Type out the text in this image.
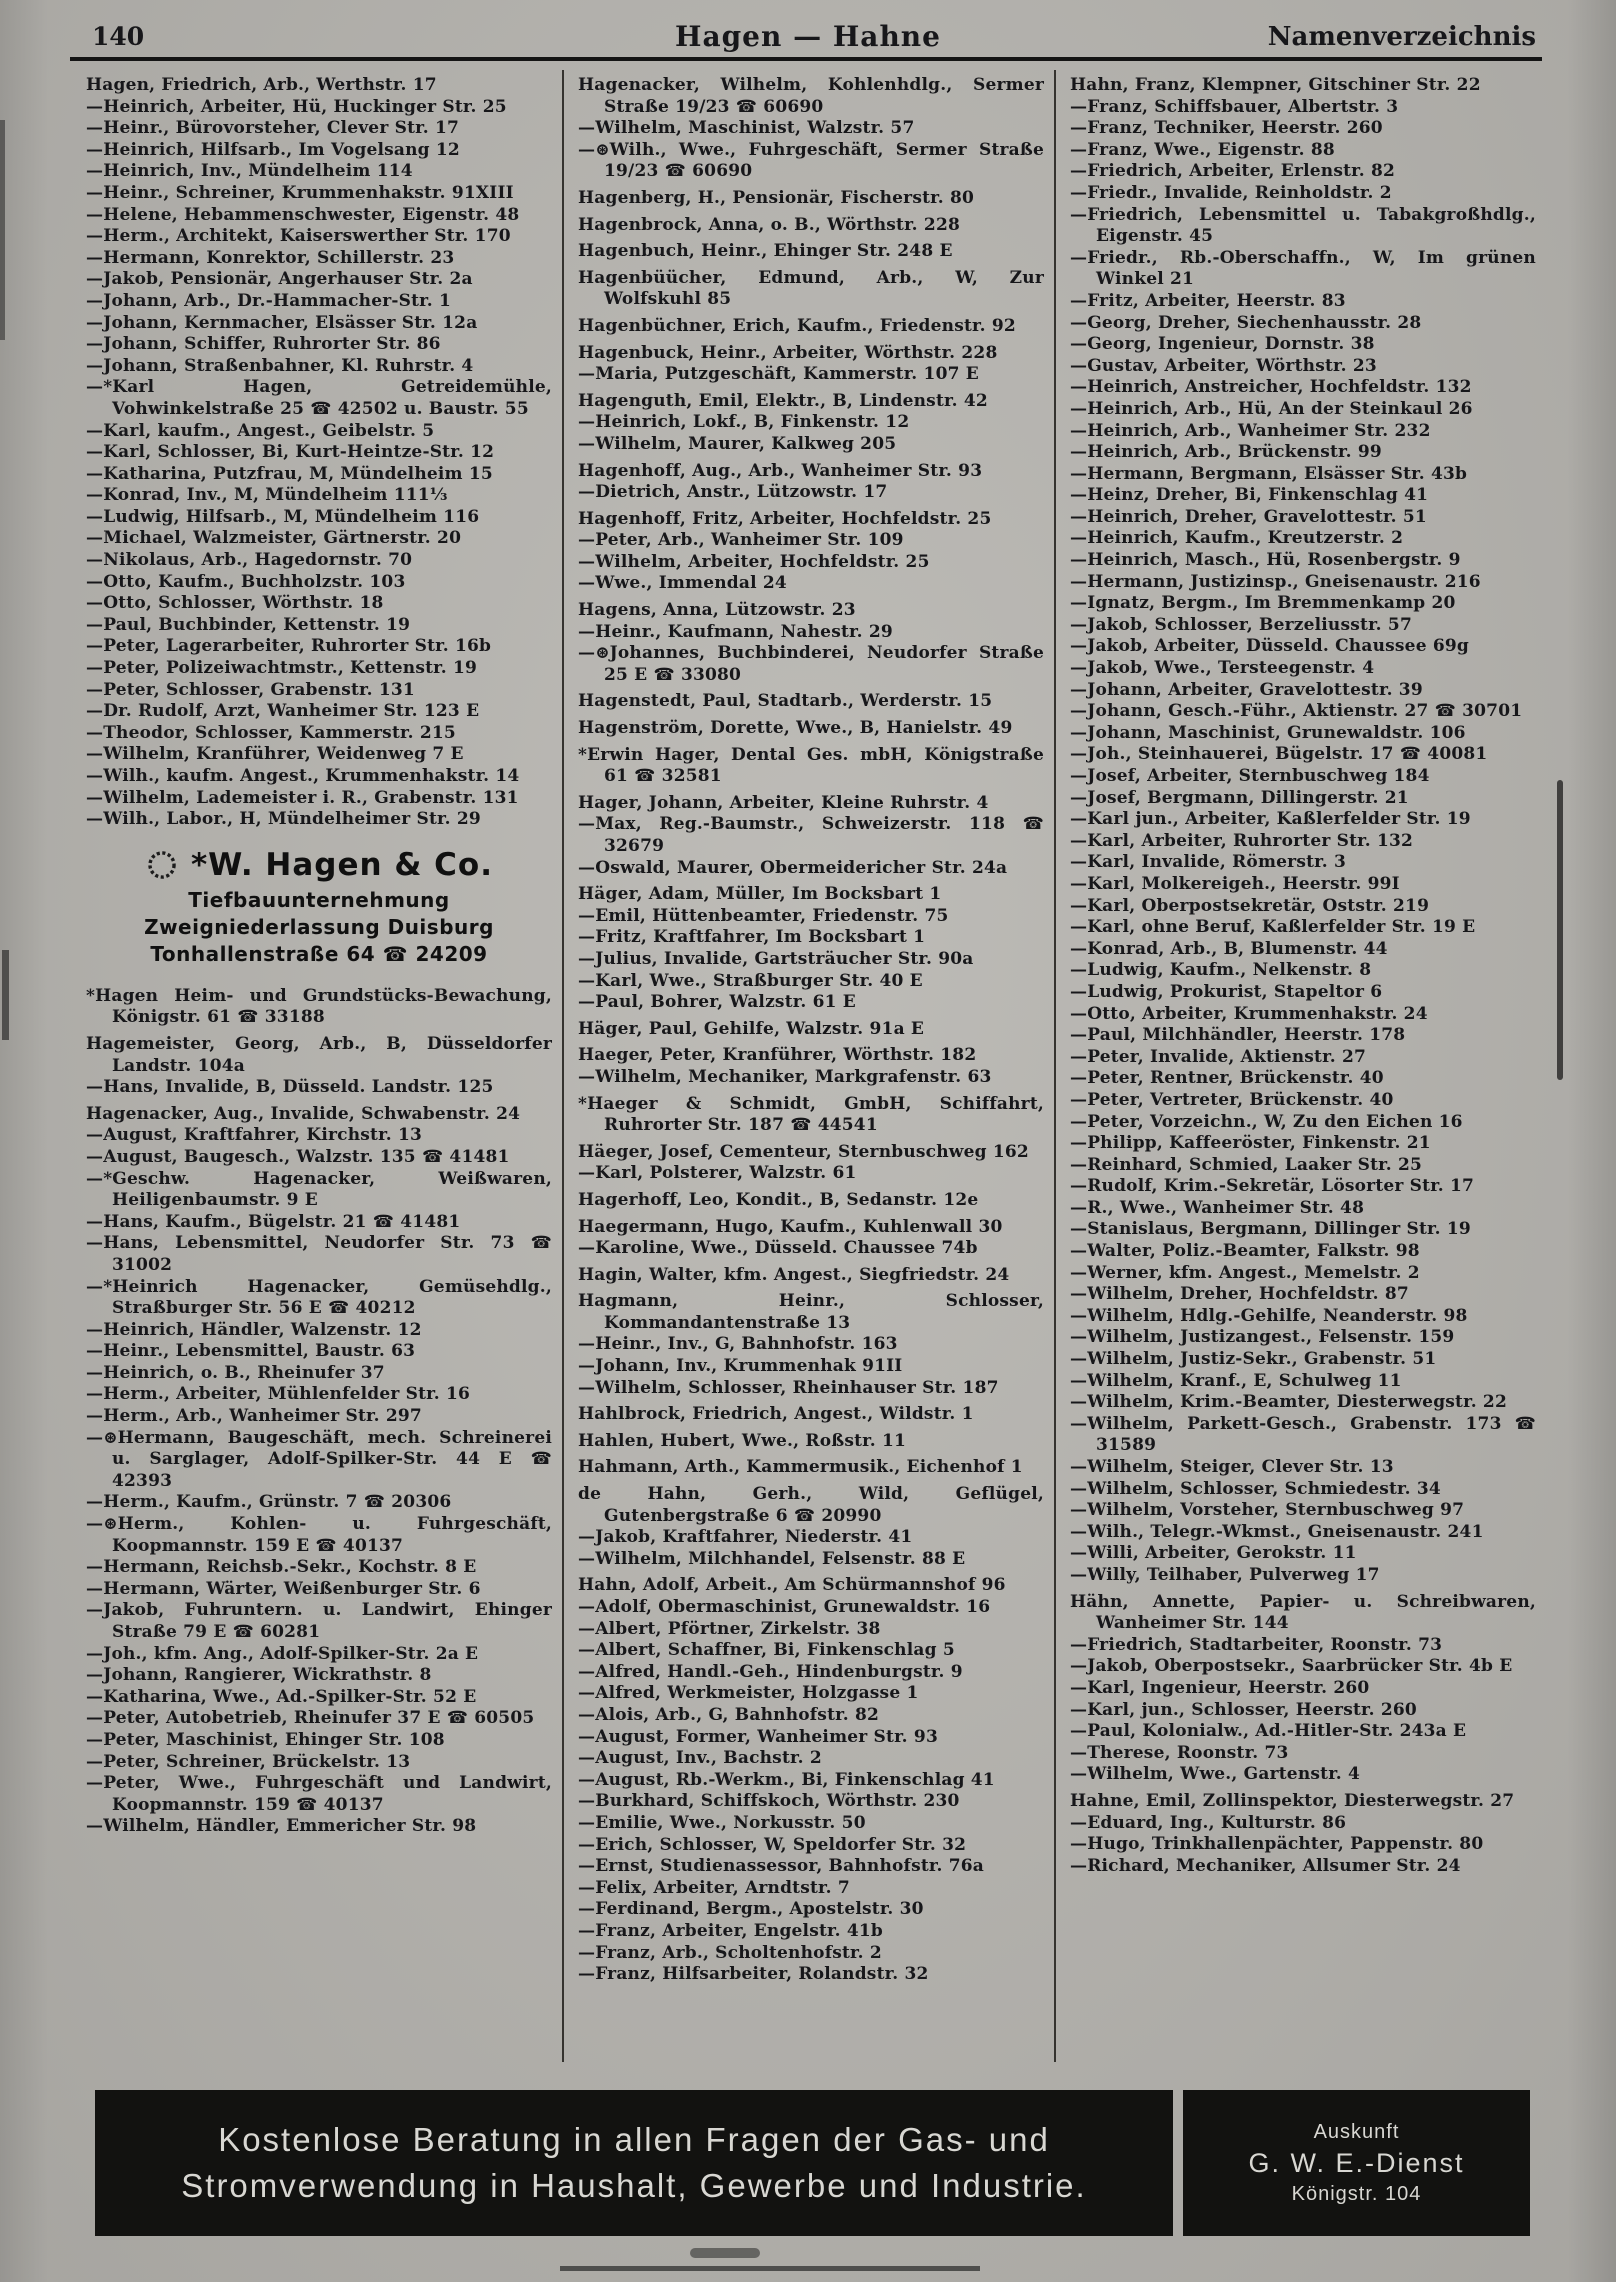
140	Hagen — Hahne	Namenverzeichnis
Hagen, Friedrich, Arb., Werthstr. 17
—Heinrich, Arbeiter, Hü, Huckinger Str. 25
—Heinr., Bürovorsteher, Clever Str. 17
—Heinrich, Hilfsarb., Im Vogelsang 12
—Heinrich, Inv., Mündelheim 114
—Heinr., Schreiner, Krummenhakstr. 91XIII
—Helene, Hebammenschwester, Eigenstr. 48
—Herm., Architekt, Kaiserswerther Str. 170
—Hermann, Konrektor, Schillerstr. 23
—Jakob, Pensionär, Angerhauser Str. 2a
—Johann, Arb., Dr.-Hammacher-Str. 1
—Johann, Kernmacher, Elsässer Str. 12a
—Johann, Schiffer, Ruhrorter Str. 86
—Johann, Straßenbahner, Kl. Ruhrstr. 4
—*Karl Hagen, Getreidemühle, Vohwinkelstraße 25 ☎ 42502 u. Baustr. 55
—Karl, kaufm., Angest., Geibelstr. 5
—Karl, Schlosser, Bi, Kurt-Heintze-Str. 12
—Katharina, Putzfrau, M, Mündelheim 15
—Konrad, Inv., M, Mündelheim 111⅓
—Ludwig, Hilfsarb., M, Mündelheim 116
—Michael, Walzmeister, Gärtnerstr. 20
—Nikolaus, Arb., Hagedornstr. 70
—Otto, Kaufm., Buchholzstr. 103
—Otto, Schlosser, Wörthstr. 18
—Paul, Buchbinder, Kettenstr. 19
—Peter, Lagerarbeiter, Ruhrorter Str. 16b
—Peter, Polizeiwachtmstr., Kettenstr. 19
—Peter, Schlosser, Grabenstr. 131
—Dr. Rudolf, Arzt, Wanheimer Str. 123 E
—Theodor, Schlosser, Kammerstr. 215
—Wilhelm, Kranführer, Weidenweg 7 E
—Wilh., kaufm. Angest., Krummenhakstr. 14
—Wilhelm, Lademeister i. R., Grabenstr. 131
—Wilh., Labor., H, Mündelheimer Str. 29
*W. Hagen & Co.
Tiefbauunternehmung
Zweigniederlassung Duisburg
Tonhallenstraße 64 ☎ 24209
*Hagen Heim- und Grundstücks-Bewachung, Königstr. 61 ☎ 33188
Hagemeister, Georg, Arb., B, Düsseldorfer Landstr. 104a
—Hans, Invalide, B, Düsseld. Landstr. 125
Hagenacker, Aug., Invalide, Schwabenstr. 24
—August, Kraftfahrer, Kirchstr. 13
—August, Baugesch., Walzstr. 135 ☎ 41481
—*Geschw. Hagenacker, Weißwaren, Heiligenbaumstr. 9 E
—Hans, Kaufm., Bügelstr. 21 ☎ 41481
—Hans, Lebensmittel, Neudorfer Str. 73 ☎ 31002
—*Heinrich Hagenacker, Gemüsehdlg., Straßburger Str. 56 E ☎ 40212
—Heinrich, Händler, Walzenstr. 12
—Heinr., Lebensmittel, Baustr. 63
—Heinrich, o. B., Rheinufer 37
—Herm., Arbeiter, Mühlenfelder Str. 16
—Herm., Arb., Wanheimer Str. 297
—⊛Hermann, Baugeschäft, mech. Schreinerei u. Sarglager, Adolf-Spilker-Str. 44 E ☎ 42393
—Herm., Kaufm., Grünstr. 7 ☎ 20306
—⊛Herm., Kohlen- u. Fuhrgeschäft, Koopmannstr. 159 E ☎ 40137
—Hermann, Reichsb.-Sekr., Kochstr. 8 E
—Hermann, Wärter, Weißenburger Str. 6
—Jakob, Fuhruntern. u. Landwirt, Ehinger Straße 79 E ☎ 60281
—Joh., kfm. Ang., Adolf-Spilker-Str. 2a E
—Johann, Rangierer, Wickrathstr. 8
—Katharina, Wwe., Ad.-Spilker-Str. 52 E
—Peter, Autobetrieb, Rheinufer 37 E ☎ 60505
—Peter, Maschinist, Ehinger Str. 108
—Peter, Schreiner, Brückelstr. 13
—Peter, Wwe., Fuhrgeschäft und Landwirt, Koopmannstr. 159 ☎ 40137
—Wilhelm, Händler, Emmericher Str. 98
Hagenacker, Wilhelm, Kohlenhdlg., Sermer Straße 19/23 ☎ 60690
—Wilhelm, Maschinist, Walzstr. 57
—⊛Wilh., Wwe., Fuhrgeschäft, Sermer Straße 19/23 ☎ 60690
Hagenberg, H., Pensionär, Fischerstr. 80
Hagenbrock, Anna, o. B., Wörthstr. 228
Hagenbuch, Heinr., Ehinger Str. 248 E
Hagenbüücher, Edmund, Arb., W, Zur Wolfskuhl 85
Hagenbüchner, Erich, Kaufm., Friedenstr. 92
Hagenbuck, Heinr., Arbeiter, Wörthstr. 228
—Maria, Putzgeschäft, Kammerstr. 107 E
Hagenguth, Emil, Elektr., B, Lindenstr. 42
—Heinrich, Lokf., B, Finkenstr. 12
—Wilhelm, Maurer, Kalkweg 205
Hagenhoff, Aug., Arb., Wanheimer Str. 93
—Dietrich, Anstr., Lützowstr. 17
Hagenhoff, Fritz, Arbeiter, Hochfeldstr. 25
—Peter, Arb., Wanheimer Str. 109
—Wilhelm, Arbeiter, Hochfeldstr. 25
—Wwe., Immendal 24
Hagens, Anna, Lützowstr. 23
—Heinr., Kaufmann, Nahestr. 29
—⊛Johannes, Buchbinderei, Neudorfer Straße 25 E ☎ 33080
Hagenstedt, Paul, Stadtarb., Werderstr. 15
Hagenström, Dorette, Wwe., B, Hanielstr. 49
*Erwin Hager, Dental Ges. mbH, Königstraße 61 ☎ 32581
Hager, Johann, Arbeiter, Kleine Ruhrstr. 4
—Max, Reg.-Baumstr., Schweizerstr. 118 ☎ 32679
—Oswald, Maurer, Obermeidericher Str. 24a
Häger, Adam, Müller, Im Bocksbart 1
—Emil, Hüttenbeamter, Friedenstr. 75
—Fritz, Kraftfahrer, Im Bocksbart 1
—Julius, Invalide, Gartsträucher Str. 90a
—Karl, Wwe., Straßburger Str. 40 E
—Paul, Bohrer, Walzstr. 61 E
Häger, Paul, Gehilfe, Walzstr. 91a E
Haeger, Peter, Kranführer, Wörthstr. 182
—Wilhelm, Mechaniker, Markgrafenstr. 63
*Haeger & Schmidt, GmbH, Schiffahrt, Ruhrorter Str. 187 ☎ 44541
Häeger, Josef, Cementeur, Sternbuschweg 162
—Karl, Polsterer, Walzstr. 61
Hagerhoff, Leo, Kondit., B, Sedanstr. 12e
Haegermann, Hugo, Kaufm., Kuhlenwall 30
—Karoline, Wwe., Düsseld. Chaussee 74b
Hagin, Walter, kfm. Angest., Siegfriedstr. 24
Hagmann, Heinr., Schlosser, Kommandantenstraße 13
—Heinr., Inv., G, Bahnhofstr. 163
—Johann, Inv., Krummenhak 91II
—Wilhelm, Schlosser, Rheinhauser Str. 187
Hahlbrock, Friedrich, Angest., Wildstr. 1
Hahlen, Hubert, Wwe., Roßstr. 11
Hahmann, Arth., Kammermusik., Eichenhof 1
de Hahn, Gerh., Wild, Geflügel, Gutenbergstraße 6 ☎ 20990
—Jakob, Kraftfahrer, Niederstr. 41
—Wilhelm, Milchhandel, Felsenstr. 88 E
Hahn, Adolf, Arbeit., Am Schürmannshof 96
—Adolf, Obermaschinist, Grunewaldstr. 16
—Albert, Pförtner, Zirkelstr. 38
—Albert, Schaffner, Bi, Finkenschlag 5
—Alfred, Handl.-Geh., Hindenburgstr. 9
—Alfred, Werkmeister, Holzgasse 1
—Alois, Arb., G, Bahnhofstr. 82
—August, Former, Wanheimer Str. 93
—August, Inv., Bachstr. 2
—August, Rb.-Werkm., Bi, Finkenschlag 41
—Burkhard, Schiffskoch, Wörthstr. 230
—Emilie, Wwe., Norkusstr. 50
—Erich, Schlosser, W, Speldorfer Str. 32
—Ernst, Studienassessor, Bahnhofstr. 76a
—Felix, Arbeiter, Arndtstr. 7
—Ferdinand, Bergm., Apostelstr. 30
—Franz, Arbeiter, Engelstr. 41b
—Franz, Arb., Scholtenhofstr. 2
—Franz, Hilfsarbeiter, Rolandstr. 32
Hahn, Franz, Klempner, Gitschiner Str. 22
—Franz, Schiffsbauer, Albertstr. 3
—Franz, Techniker, Heerstr. 260
—Franz, Wwe., Eigenstr. 88
—Friedrich, Arbeiter, Erlenstr. 82
—Friedr., Invalide, Reinholdstr. 2
—Friedrich, Lebensmittel u. Tabakgroßhdlg., Eigenstr. 45
—Friedr., Rb.-Oberschaffn., W, Im grünen Winkel 21
—Fritz, Arbeiter, Heerstr. 83
—Georg, Dreher, Siechenhausstr. 28
—Georg, Ingenieur, Dornstr. 38
—Gustav, Arbeiter, Wörthstr. 23
—Heinrich, Anstreicher, Hochfeldstr. 132
—Heinrich, Arb., Hü, An der Steinkaul 26
—Heinrich, Arb., Wanheimer Str. 232
—Heinrich, Arb., Brückenstr. 99
—Hermann, Bergmann, Elsässer Str. 43b
—Heinz, Dreher, Bi, Finkenschlag 41
—Heinrich, Dreher, Gravelottestr. 51
—Heinrich, Kaufm., Kreutzerstr. 2
—Heinrich, Masch., Hü, Rosenbergstr. 9
—Hermann, Justizinsp., Gneisenaustr. 216
—Ignatz, Bergm., Im Bremmenkamp 20
—Jakob, Schlosser, Berzeliusstr. 57
—Jakob, Arbeiter, Düsseld. Chaussee 69g
—Jakob, Wwe., Tersteegenstr. 4
—Johann, Arbeiter, Gravelottestr. 39
—Johann, Gesch.-Führ., Aktienstr. 27 ☎ 30701
—Johann, Maschinist, Grunewaldstr. 106
—Joh., Steinhauerei, Bügelstr. 17 ☎ 40081
—Josef, Arbeiter, Sternbuschweg 184
—Josef, Bergmann, Dillingerstr. 21
—Karl jun., Arbeiter, Kaßlerfelder Str. 19
—Karl, Arbeiter, Ruhrorter Str. 132
—Karl, Invalide, Römerstr. 3
—Karl, Molkereigeh., Heerstr. 99I
—Karl, Oberpostsekretär, Oststr. 219
—Karl, ohne Beruf, Kaßlerfelder Str. 19 E
—Konrad, Arb., B, Blumenstr. 44
—Ludwig, Kaufm., Nelkenstr. 8
—Ludwig, Prokurist, Stapeltor 6
—Otto, Arbeiter, Krummenhakstr. 24
—Paul, Milchhändler, Heerstr. 178
—Peter, Invalide, Aktienstr. 27
—Peter, Rentner, Brückenstr. 40
—Peter, Vertreter, Brückenstr. 40
—Peter, Vorzeichn., W, Zu den Eichen 16
—Philipp, Kaffeeröster, Finkenstr. 21
—Reinhard, Schmied, Laaker Str. 25
—Rudolf, Krim.-Sekretär, Lösorter Str. 17
—R., Wwe., Wanheimer Str. 48
—Stanislaus, Bergmann, Dillinger Str. 19
—Walter, Poliz.-Beamter, Falkstr. 98
—Werner, kfm. Angest., Memelstr. 2
—Wilhelm, Dreher, Hochfeldstr. 87
—Wilhelm, Hdlg.-Gehilfe, Neanderstr. 98
—Wilhelm, Justizangest., Felsenstr. 159
—Wilhelm, Justiz-Sekr., Grabenstr. 51
—Wilhelm, Kranf., E, Schulweg 11
—Wilhelm, Krim.-Beamter, Diesterwegstr. 22
—Wilhelm, Parkett-Gesch., Grabenstr. 173 ☎ 31589
—Wilhelm, Steiger, Clever Str. 13
—Wilhelm, Schlosser, Schmiedestr. 34
—Wilhelm, Vorsteher, Sternbuschweg 97
—Wilh., Telegr.-Wkmst., Gneisenaustr. 241
—Willi, Arbeiter, Gerokstr. 11
—Willy, Teilhaber, Pulverweg 17
Hähn, Annette, Papier- u. Schreibwaren, Wanheimer Str. 144
—Friedrich, Stadtarbeiter, Roonstr. 73
—Jakob, Oberpostsekr., Saarbrücker Str. 4b E
—Karl, Ingenieur, Heerstr. 260
—Karl, jun., Schlosser, Heerstr. 260
—Paul, Kolonialw., Ad.-Hitler-Str. 243a E
—Therese, Roonstr. 73
—Wilhelm, Wwe., Gartenstr. 4
Hahne, Emil, Zollinspektor, Diesterwegstr. 27
—Eduard, Ing., Kulturstr. 86
—Hugo, Trinkhallenpächter, Pappenstr. 80
—Richard, Mechaniker, Allsumer Str. 24
Kostenlose Beratung in allen Fragen der Gas- und
Stromverwendung in Haushalt, Gewerbe und Industrie.
Auskunft
G. W. E.-Dienst
Königstr. 104
